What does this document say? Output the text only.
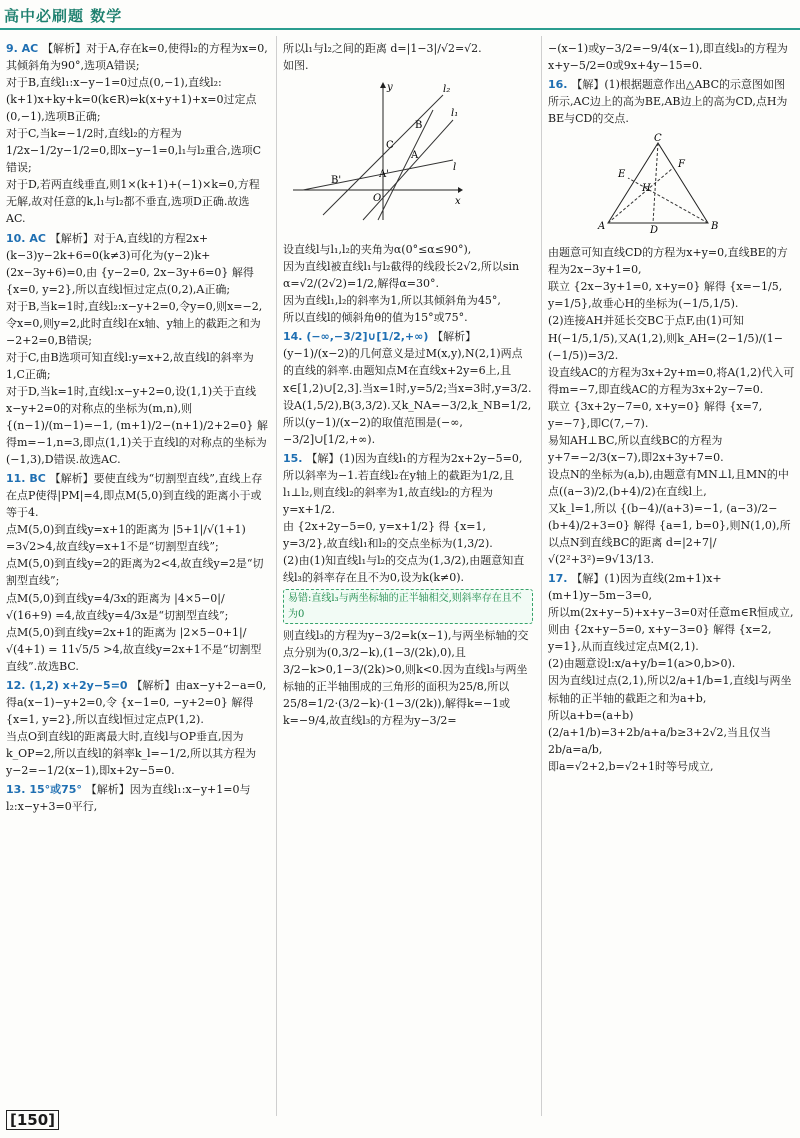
高中必刷题 数学
9. AC 【解析】对于A,存在k=0,使得l₂的方程为x=0,其倾斜角为90°,选项A错误;
对于B,直线l₁:x−y−1=0过点(0,−1),直线l₂:(k+1)x+ky+k=0(k∈R)⇔k(x+y+1)+x=0过定点(0,−1),选项B正确;
对于C,当k=−1/2时,直线l₂的方程为 1/2x−1/2y−1/2=0,即x−y−1=0,l₁与l₂重合,选项C错误;
对于D,若两直线垂直,则1×(k+1)+(−1)×k=0,方程无解,故对任意的k,l₁与l₂都不垂直,选项D正确.故选AC.
10. AC 【解析】对于A,直线l的方程2x+(k−3)y−2k+6=0(k≠3)可化为(y−2)k+(2x−3y+6)=0,由 {y−2=0, 2x−3y+6=0} 解得 {x=0, y=2},所以直线l恒过定点(0,2),A正确;
对于B,当k=1时,直线l₂:x−y+2=0,令y=0,则x=−2,令x=0,则y=2,此时直线l在x轴、y轴上的截距之和为−2+2=0,B错误;
对于C,由B选项可知直线l:y=x+2,故直线l的斜率为1,C正确;
对于D,当k=1时,直线l:x−y+2=0,设(1,1)关于直线x−y+2=0的对称点的坐标为(m,n),则 {(n−1)/(m−1)=−1, (m+1)/2−(n+1)/2+2=0} 解得m=−1,n=3,即点(1,1)关于直线l的对称点的坐标为(−1,3),D错误.故选AC.
11. BC 【解析】要使直线为“切割型直线”,直线上存在点P使得|PM|=4,即点M(5,0)到直线的距离小于或等于4.
点M(5,0)到直线y=x+1的距离为 |5+1|/√(1+1) =3√2>4,故直线y=x+1不是“切割型直线”;
点M(5,0)到直线y=2的距离为2<4,故直线y=2是“切割型直线”;
点M(5,0)到直线y=4/3x的距离为 |4×5−0|/√(16+9) =4,故直线y=4/3x是“切割型直线”;
点M(5,0)到直线y=2x+1的距离为 |2×5−0+1|/√(4+1) = 11√5/5 >4,故直线y=2x+1不是“切割型直线”.故选BC.
12. (1,2) x+2y−5=0 【解析】由ax−y+2−a=0,得a(x−1)−y+2=0,令 {x−1=0, −y+2=0} 解得 {x=1, y=2},所以直线l恒过定点P(1,2).
当点O到直线l的距离最大时,直线l与OP垂直,因为k_OP=2,所以直线l的斜率k_l=−1/2,所以其方程为y−2=−1/2(x−1),即x+2y−5=0.
13. 15°或75° 【解析】因为直线l₁:x−y+1=0与l₂:x−y+3=0平行,
所以l₁与l₂之间的距离 d=|1−3|/√2=√2.
如图.
l₂
l₁
B
C
A
A'
B'
O	x
y
l
设直线l与l₁,l₂的夹角为α(0°≤α≤90°),
因为直线l被直线l₁与l₂截得的线段长2√2,所以sin α=√2/(2√2)=1/2,解得α=30°.
因为直线l₁,l₂的斜率为1,所以其倾斜角为45°,
所以直线l的倾斜角θ的值为15°或75°.
14. (−∞,−3/2]∪[1/2,+∞) 【解析】(y−1)/(x−2)的几何意义是过M(x,y),N(2,1)两点的直线的斜率.由题知点M在直线x+2y=6上,且x∈[1,2)∪[2,3].当x=1时,y=5/2;当x=3时,y=3/2.设A(1,5/2),B(3,3/2).又k_NA=−3/2,k_NB=1/2,所以(y−1)/(x−2)的取值范围是(−∞,−3/2]∪[1/2,+∞).
15. 【解】(1)因为直线l₁的方程为2x+2y−5=0,所以斜率为−1.若直线l₂在y轴上的截距为1/2,且l₁⊥l₂,则直线l₂的斜率为1,故直线l₂的方程为y=x+1/2.
由 {2x+2y−5=0, y=x+1/2} 得 {x=1, y=3/2},故直线l₁和l₂的交点坐标为(1,3/2).
(2)由(1)知直线l₁与l₂的交点为(1,3/2),由题意知直线l₃的斜率存在且不为0,设为k(k≠0).
易错:直线l₃与两坐标轴的正半轴相交,则斜率存在且不为0
则直线l₃的方程为y−3/2=k(x−1),与两坐标轴的交点分别为(0,3/2−k),(1−3/(2k),0),且3/2−k>0,1−3/(2k)>0,则k<0.因为直线l₃与两坐标轴的正半轴围成的三角形的面积为25/8,所以25/8=1/2·(3/2−k)·(1−3/(2k)),解得k=−1或k=−9/4,故直线l₃的方程为y−3/2=
−(x−1)或y−3/2=−9/4(x−1),即直线l₃的方程为x+y−5/2=0或9x+4y−15=0.
16. 【解】(1)根据题意作出△ABC的示意图如图所示,AC边上的高为BE,AB边上的高为CD,点H为BE与CD的交点.
C
E
F
H
A	D	B
由题意可知直线CD的方程为x+y=0,直线BE的方程为2x−3y+1=0,
联立 {2x−3y+1=0, x+y=0} 解得 {x=−1/5, y=1/5},故垂心H的坐标为(−1/5,1/5).
(2)连接AH并延长交BC于点F,由(1)可知H(−1/5,1/5),又A(1,2),则k_AH=(2−1/5)/(1−(−1/5))=3/2.
设直线AC的方程为3x+2y+m=0,将A(1,2)代入可得m=−7,即直线AC的方程为3x+2y−7=0.
联立 {3x+2y−7=0, x+y=0} 解得 {x=7, y=−7},即C(7,−7).
易知AH⊥BC,所以直线BC的方程为y+7=−2/3(x−7),即2x+3y+7=0.
设点N的坐标为(a,b),由题意有MN⊥l,且MN的中点((a−3)/2,(b+4)/2)在直线l上,
又k_l=1,所以 {(b−4)/(a+3)=−1, (a−3)/2−(b+4)/2+3=0} 解得 {a=1, b=0},则N(1,0),所以点N到直线BC的距离 d=|2+7|/√(2²+3²)=9√13/13.
17. 【解】(1)因为直线(2m+1)x+(m+1)y−5m−3=0,
所以m(2x+y−5)+x+y−3=0对任意m∈R恒成立,
则由 {2x+y−5=0, x+y−3=0} 解得 {x=2, y=1},从而直线过定点M(2,1).
(2)由题意设l:x/a+y/b=1(a>0,b>0).
因为直线l过点(2,1),所以2/a+1/b=1,直线l与两坐标轴的正半轴的截距之和为a+b,
所以a+b=(a+b)(2/a+1/b)=3+2b/a+a/b≥3+2√2,当且仅当2b/a=a/b,
即a=√2+2,b=√2+1时等号成立,
[150]
